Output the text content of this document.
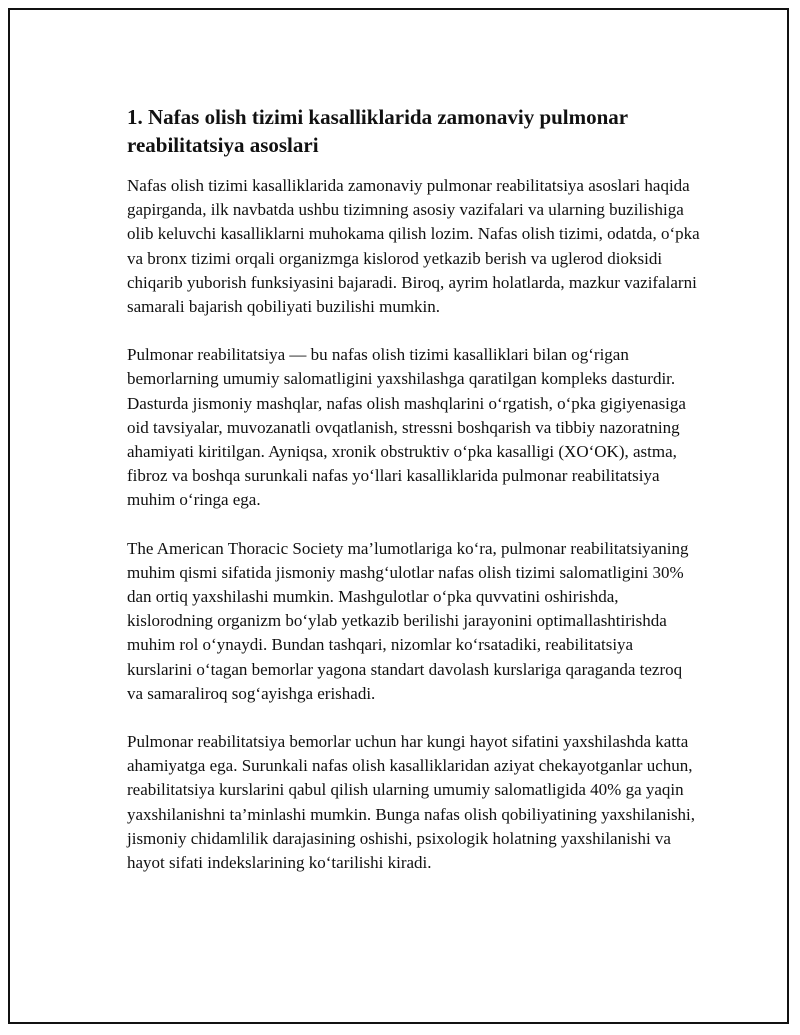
1. Nafas olish tizimi kasalliklarida zamonaviy pulmonar reabilitatsiya asoslari

Nafas olish tizimi kasalliklarida zamonaviy pulmonar reabilitatsiya asoslari haqida gapirganda, ilk navbatda ushbu tizimning asosiy vazifalari va ularning buzilishiga olib keluvchi kasalliklarni muhokama qilish lozim. Nafas olish tizimi, odatda, o‘pka va bronx tizimi orqali organizmga kislorod yetkazib berish va uglerod dioksidi chiqarib yuborish funksiyasini bajaradi. Biroq, ayrim holatlarda, mazkur vazifalarni samarali bajarish qobiliyati buzilishi mumkin.

Pulmonar reabilitatsiya — bu nafas olish tizimi kasalliklari bilan og‘rigan bemorlarning umumiy salomatligini yaxshilashga qaratilgan kompleks dasturdir. Dasturda jismoniy mashqlar, nafas olish mashqlarini o‘rgatish, o‘pka gigiyenasiga oid tavsiyalar, muvozanatli ovqatlanish, stressni boshqarish va tibbiy nazoratning ahamiyati kiritilgan. Ayniqsa, xronik obstruktiv o‘pka kasalligi (XO‘OK), astma, fibroz va boshqa surunkali nafas yo‘llari kasalliklarida pulmonar reabilitatsiya muhim o‘ringa ega.

The American Thoracic Society ma’lumotlariga ko‘ra, pulmonar reabilitatsiyaning muhim qismi sifatida jismoniy mashg‘ulotlar nafas olish tizimi salomatligini 30% dan ortiq yaxshilashi mumkin. Mashgulotlar o‘pka quvvatini oshirishda, kislorodning organizm bo‘ylab yetkazib berilishi jarayonini optimallashtirishda muhim rol o‘ynaydi. Bundan tashqari, nizomlar ko‘rsatadiki, reabilitatsiya kurslarini o‘tagan bemorlar yagona standart davolash kurslariga qaraganda tezroq va samaraliroq sog‘ayishga erishadi.

Pulmonar reabilitatsiya bemorlar uchun har kungi hayot sifatini yaxshilashda katta ahamiyatga ega. Surunkali nafas olish kasalliklaridan aziyat chekayotganlar uchun, reabilitatsiya kurslarini qabul qilish ularning umumiy salomatligida 40% ga yaqin yaxshilanishni ta’minlashi mumkin. Bunga nafas olish qobiliyatining yaxshilanishi, jismoniy chidamlilik darajasining oshishi, psixologik holatning yaxshilanishi va hayot sifati indekslarining ko‘tarilishi kiradi.
